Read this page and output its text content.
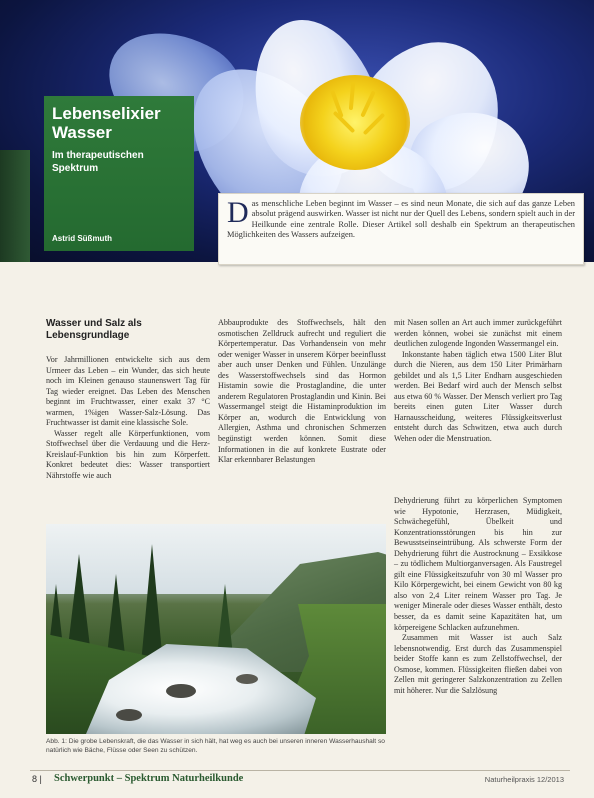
Lebenselixier Wasser
Im therapeutischen Spektrum
Astrid Süßmuth
D as menschliche Leben beginnt im Wasser – es sind neun Monate, die sich auf das ganze Leben absolut prägend auswirken. Wasser ist nicht nur der Quell des Lebens, sondern spielt auch in der Heilkunde eine zentrale Rolle. Dieser Artikel soll deshalb ein Spektrum an therapeutischen Möglichkeiten des Wassers aufzeigen.
Wasser und Salz als Lebensgrundlage

Vor Jahrmillionen entwickelte sich aus dem Urmeer das Leben – ein Wunder, das sich heute noch im Kleinen genauso staunenswert Tag für Tag wieder ereignet. Das Leben des Menschen beginnt im Fruchtwasser, einer exakt 37 °C warmen, 1%igen Wasser-Salz-Lösung. Das Fruchtwasser ist damit eine klassische Sole.

Wasser regelt alle Körperfunktionen, vom Stoffwechsel über die Verdauung und die Herz-Kreislauf-Funktion bis hin zum Körperfett. Konkret bedeutet dies: Wasser transportiert Nährstoffe wie auch

Abbauprodukte des Stoffwechsels, hält den osmotischen Zelldruck aufrecht und reguliert die Körpertemperatur. Das Vorhandensein von mehr oder weniger Wasser in unserem Körper beeinflusst aber auch unser Denken und Fühlen. Unzulänge des Wasserstoffwechsels sind das Hormon Histamin sowie die Prostaglandine, die unter anderem Regulatoren Prostaglandin und Kinin. Bei Wassermangel steigt die Histaminproduktion im Körper an, wodurch die Entwicklung von Allergien, Asthma und chronischen Schmerzen begünstigt werden können. Somit diese Informationen in die auf konkrete Eustrate oder Klar erkennbarer Belastungen

mit Nasen sollen an Art auch immer zurückgeführt werden können, wobei sie zunächst mit einem deutlichen zulogende Ingonden Wassermangel ein.

Inkonstante haben täglich etwa 1500 Liter Blut durch die Nieren, aus dem 150 Liter Primärharn gebildet und als 1,5 Liter Endharn ausgeschieden werden. Bei Bedarf wird auch der Mensch selbst aus etwa 60 % Wasser. Der Mensch verliert pro Tag bereits einen guten Liter Wasser durch Harnausscheidung, weiteres Flüssigkeitsverlust entsteht durch das Schwitzen, etwa auch durch Wehen oder die Menstruation.

Dehydrierung führt zu körperlichen Symptomen wie Hypotonie, Herzrasen, Müdigkeit, Schwächegefühl, Übelkeit und Konzentrationsstörungen bis hin zur Bewusstseinseintrübung. Als schwerste Form der Dehydrierung führt die Austrocknung – Exsikkose – zu tödlichem Multiorganversagen. Als Faustregel gilt eine Flüssigkeitszufuhr von 30 ml Wasser pro Kilo Körpergewicht, bei einem Gewicht von 80 kg also von 2,4 Liter reinem Wasser pro Tag. Je weniger Minerale oder dieses Wasser enthält, desto besser, da es damit seine Kapazitäten hat, um körpereigene Schlacken aufzunehmen.

Zusammen mit Wasser ist auch Salz lebensnotwendig. Erst durch das Zusammenspiel beider Stoffe kann es zum Zellstoffwechsel, der Osmose, kommen. Flüssigkeiten fließen dabei von Zellen mit geringerer Salzkonzentration zu Zellen mit höherer. Nur die Salzlösung

Abb. 1: Die grobe Lebenskraft, die das Wasser in sich hält, hat weg es auch bei unseren inneren Wasserhaushalt so natürlich wie Bäche, Flüsse oder Seen zu schützen.
8 | Schwerpunkt – Spektrum Naturheilkunde	Naturheilpraxis 12/2013
